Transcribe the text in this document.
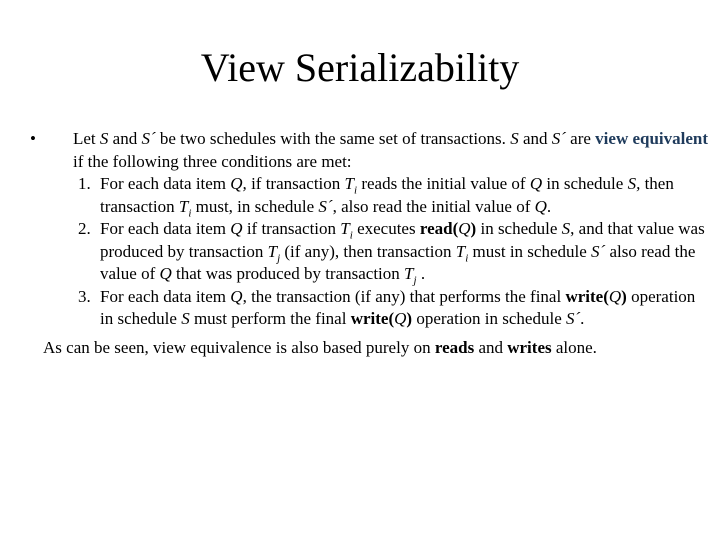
View Serializability
• Let S and S´ be two schedules with the same set of transactions. S and S´ are view equivalent if the following three conditions are met:
1. For each data item Q, if transaction $T_i$ reads the initial value of Q in schedule S, then transaction $T_i$ must, in schedule S´, also read the initial value of Q.
2. For each data item Q if transaction $T_i$ executes read(Q) in schedule S, and that value was produced by transaction $T_j$ (if any), then transaction $T_i$ must in schedule S´ also read the value of Q that was produced by transaction $T_j$ .
3. For each data item Q, the transaction (if any) that performs the final write(Q) operation in schedule S must perform the final write(Q) operation in schedule S´.
As can be seen, view equivalence is also based purely on reads and writes alone.
